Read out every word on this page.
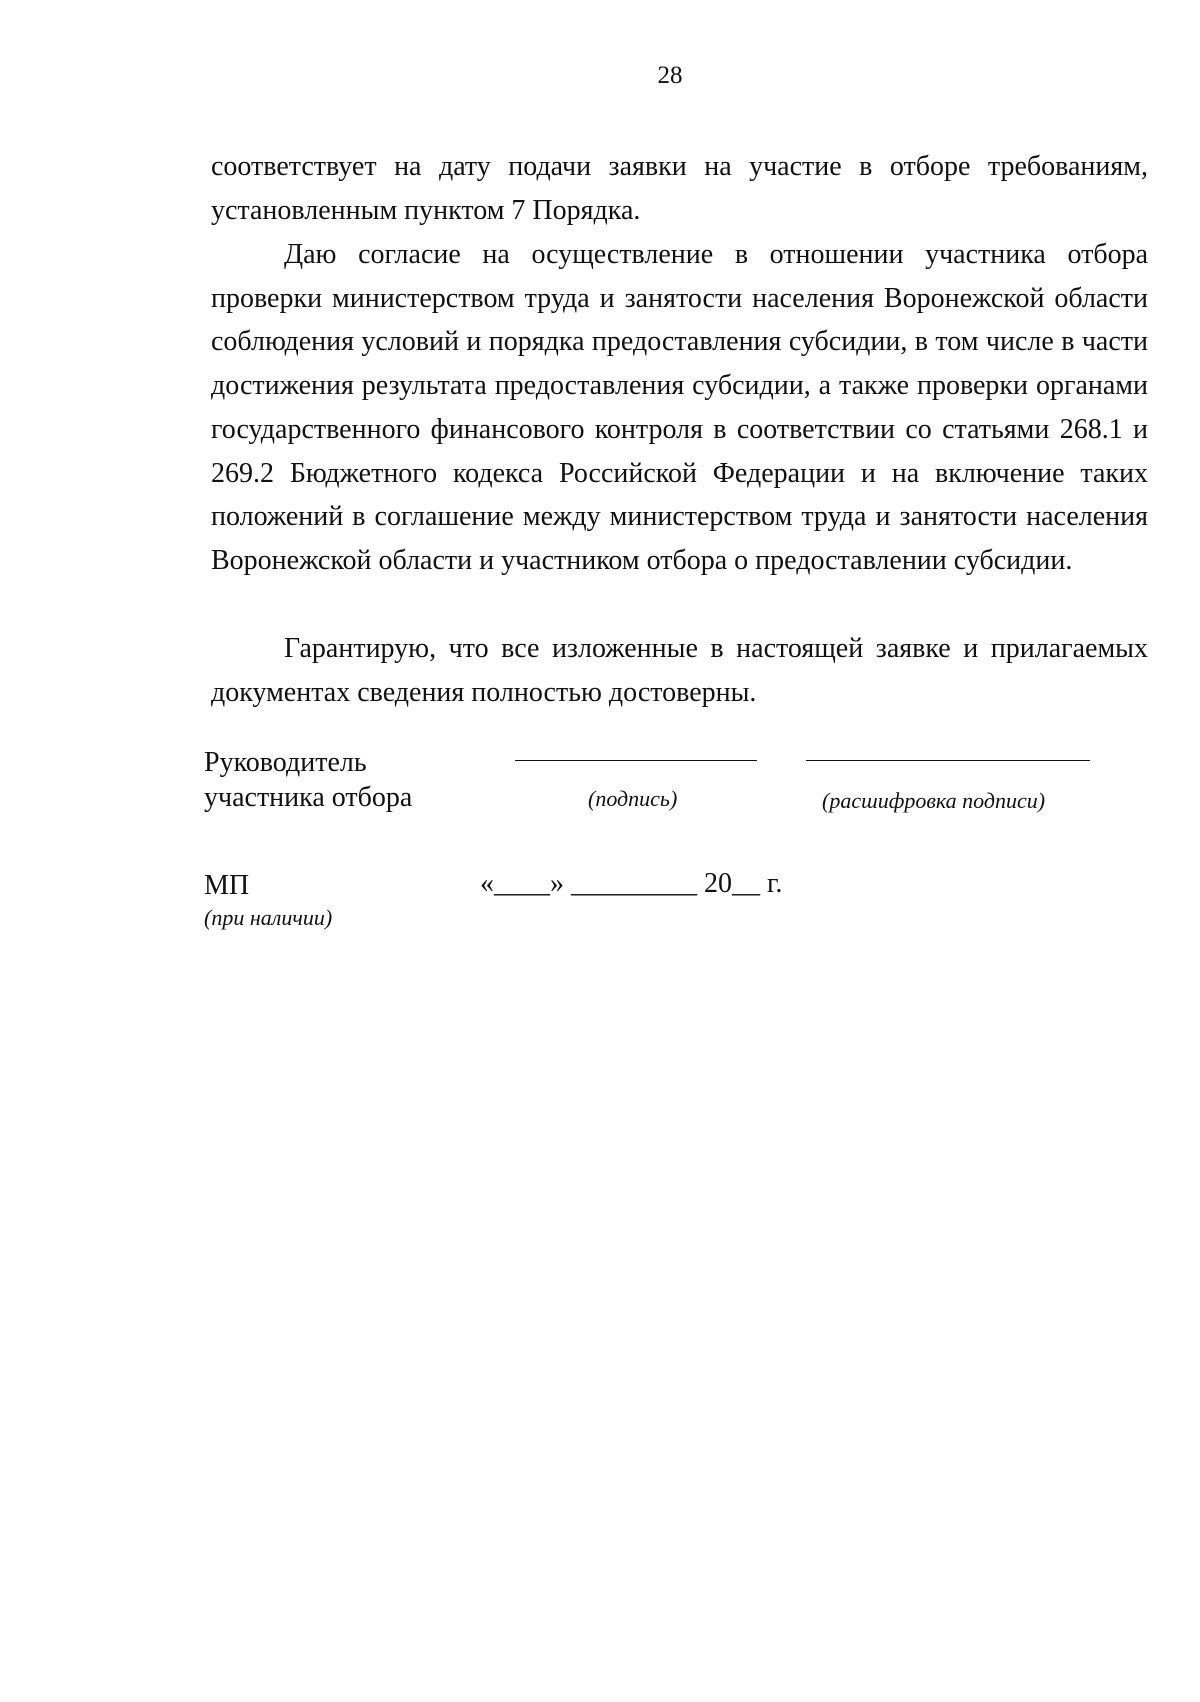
28

соответствует на дату подачи заявки на участие в отборе требованиям, установленным пунктом 7 Порядка.

Даю согласие на осуществление в отношении участника отбора проверки министерством труда и занятости населения Воронежской области соблюдения условий и порядка предоставления субсидии, в том числе в части достижения результата предоставления субсидии, а также проверки органами государственного финансового контроля в соответствии со статьями 268.1 и 269.2 Бюджетного кодекса Российской Федерации и на включение таких положений в соглашение между министерством труда и занятости населения Воронежской области и участником отбора о предоставлении субсидии.

Гарантирую, что все изложенные в настоящей заявке и прилагаемых документах сведения полностью достоверны.

Руководитель
участника отбора	(подпись)	(расшифровка подписи)
МП
(при наличии)
«____» _________ 20__ г.
